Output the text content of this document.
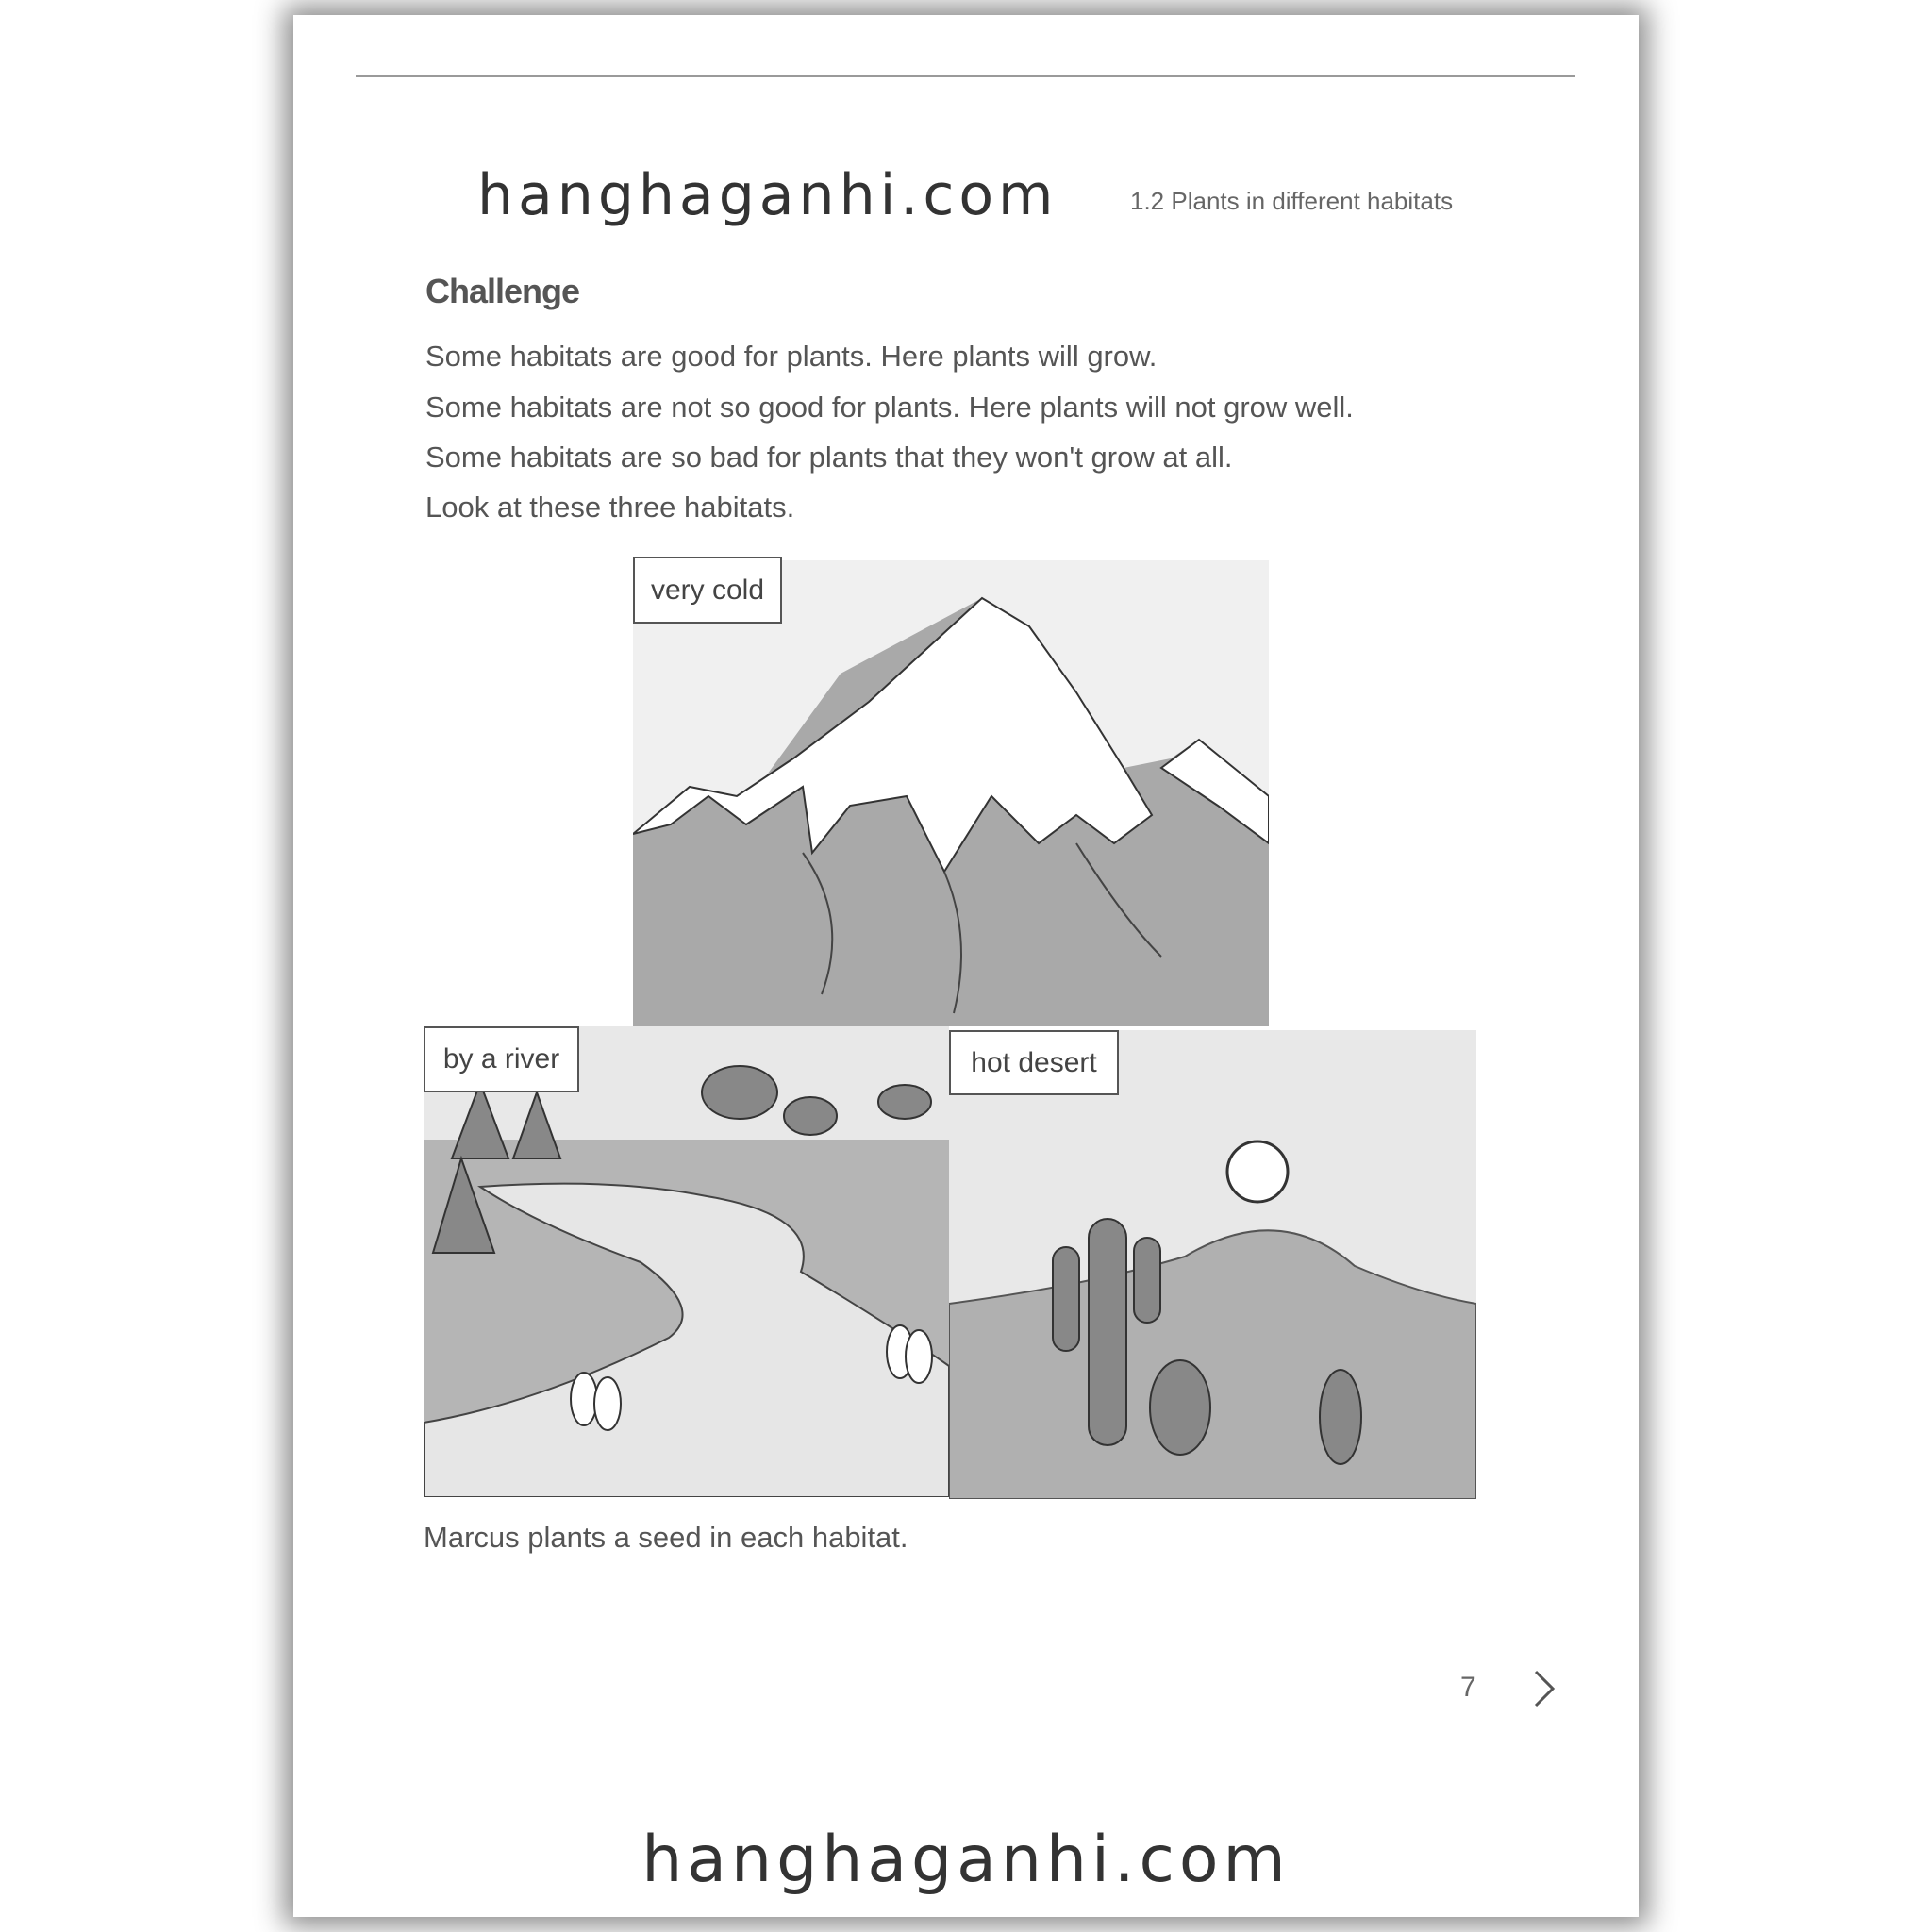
hanghaganhi.com	1.2 Plants in different habitats
Challenge
Some habitats are good for plants. Here plants will grow.
Some habitats are not so good for plants. Here plants will not grow well.
Some habitats are so bad for plants that they won't grow at all.
Look at these three habitats.
very cold
by a river	hot desert
Marcus plants a seed in each habitat.
7
hanghaganhi.com
